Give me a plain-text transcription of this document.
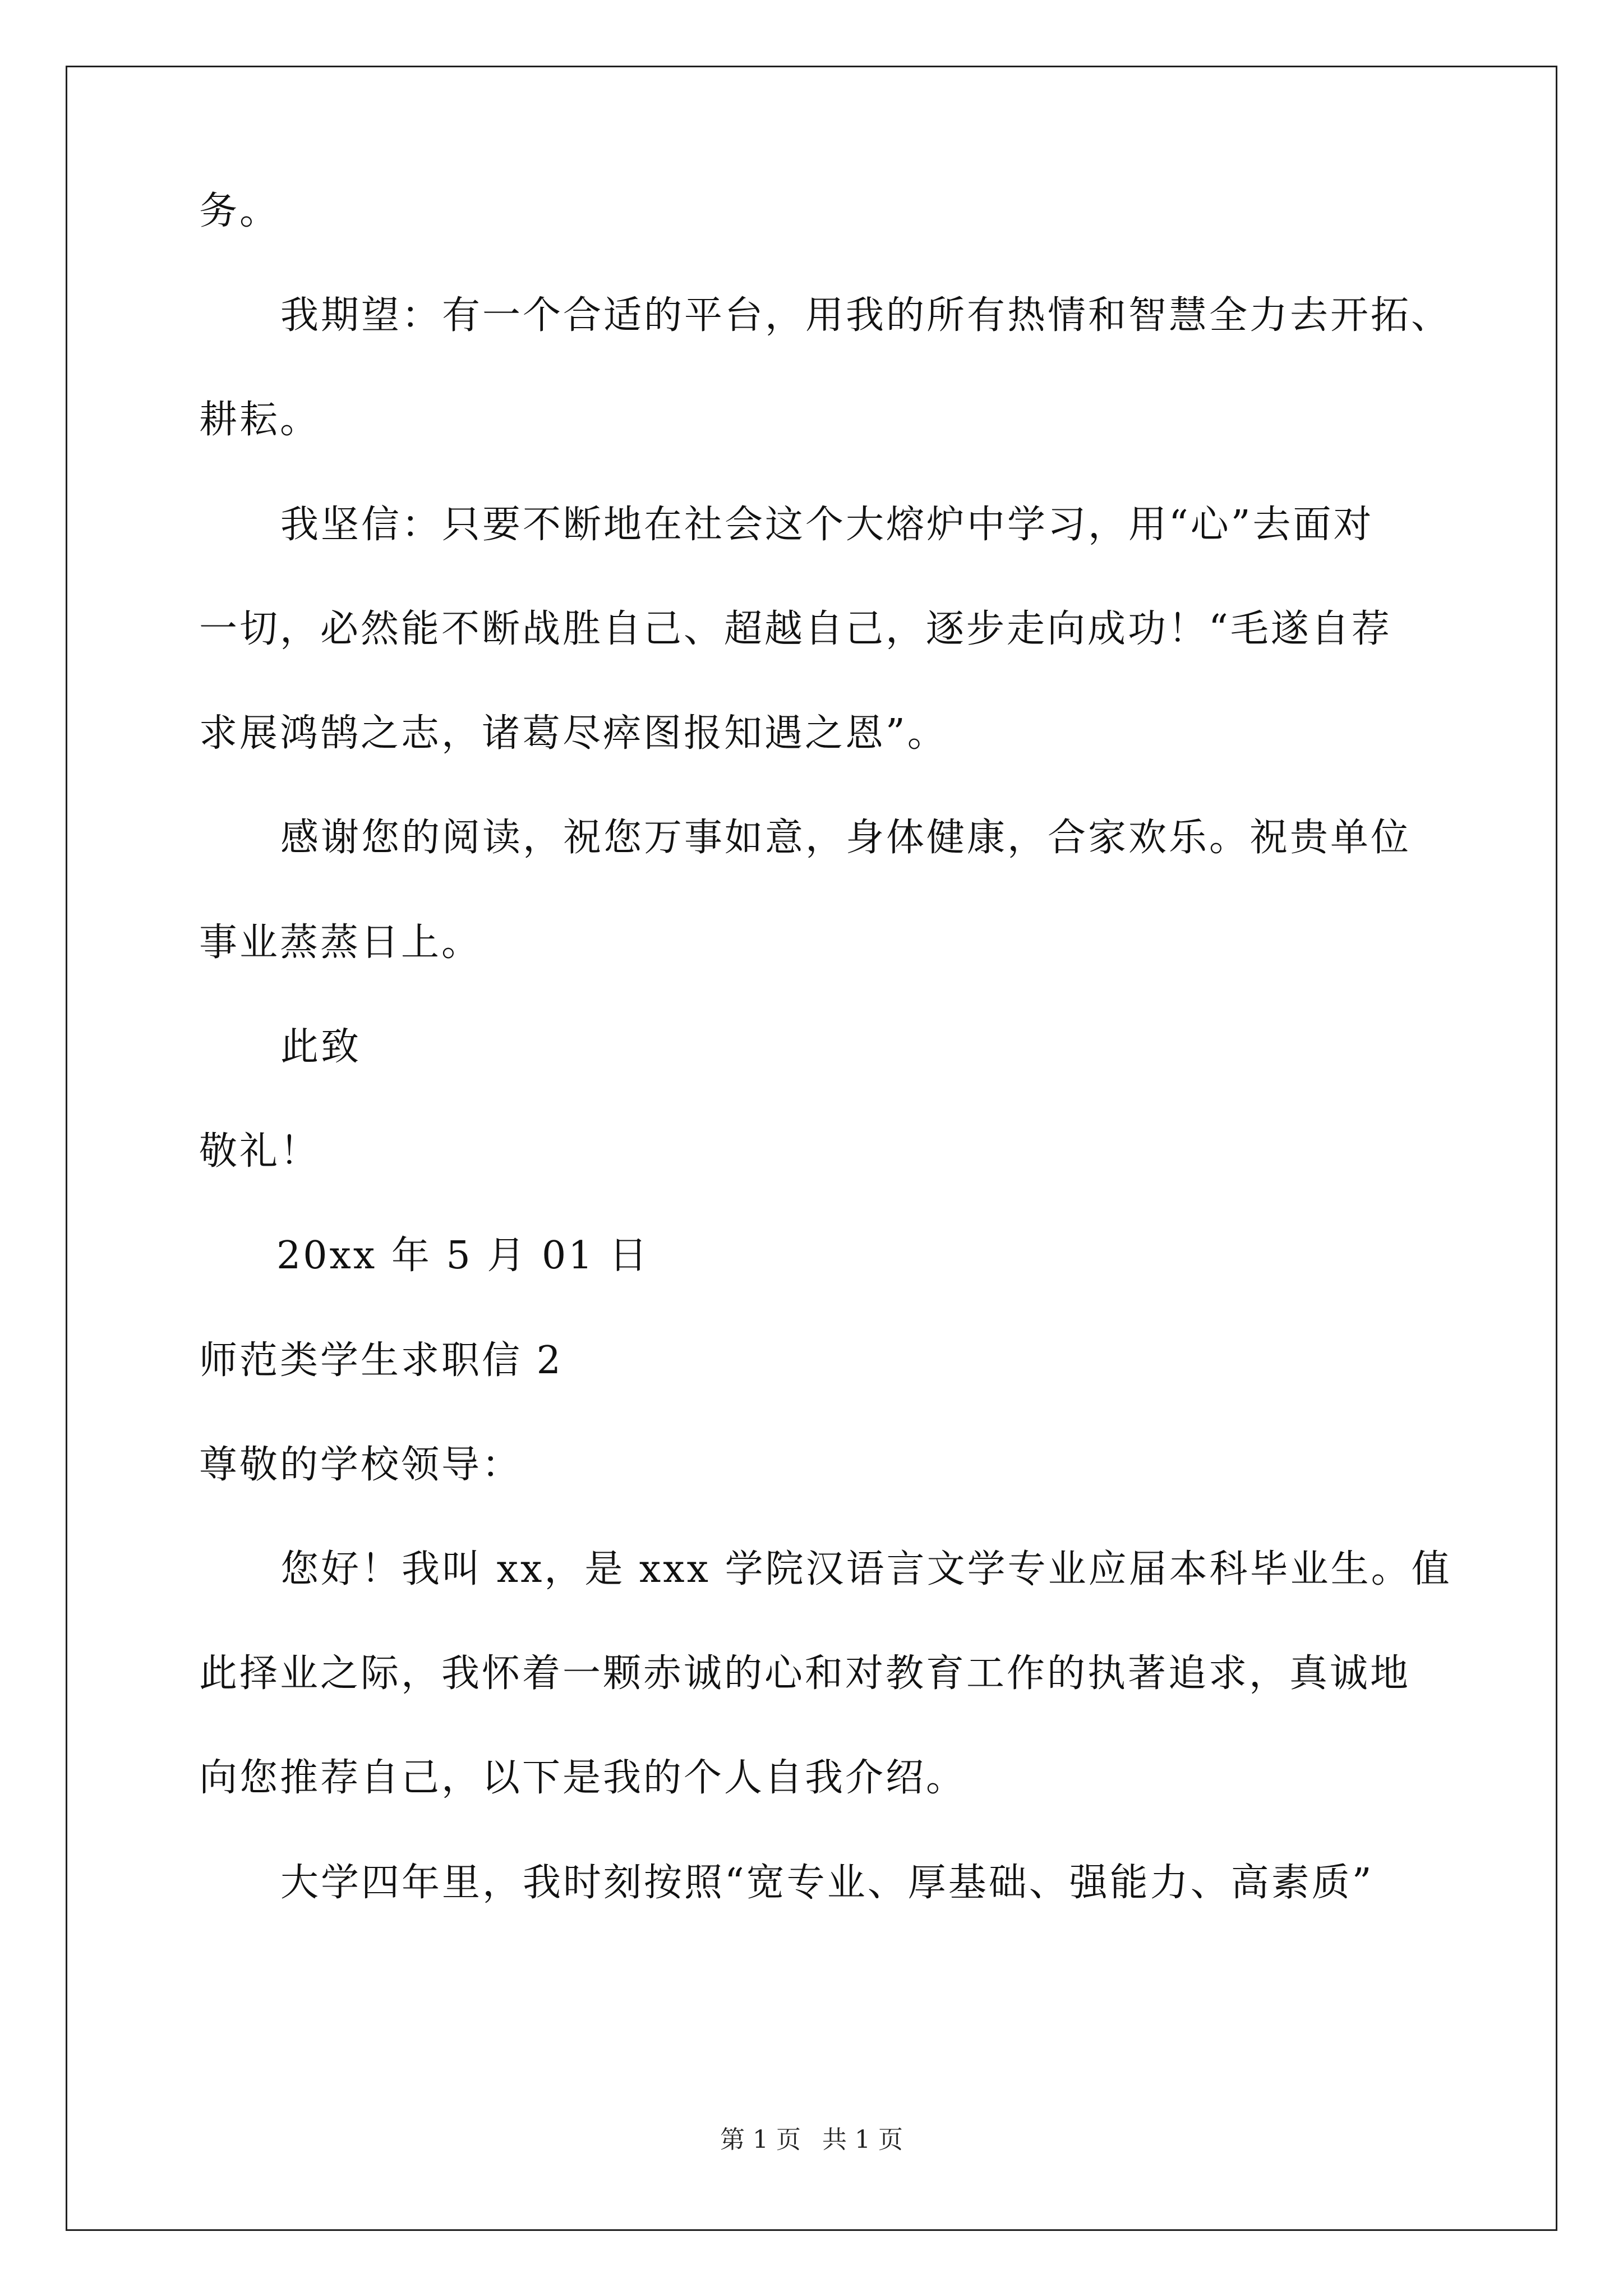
务。
我期望：有一个合适的平台，用我的所有热情和智慧全力去开拓、
耕耘。
我坚信：只要不断地在社会这个大熔炉中学习，用“心”去面对
一切，必然能不断战胜自己、超越自己，逐步走向成功！“毛遂自荐
求展鸿鹄之志，诸葛尽瘁图报知遇之恩”。
感谢您的阅读，祝您万事如意，身体健康，合家欢乐。祝贵单位
事业蒸蒸日上。
此致
敬礼！
20xx 年 5 月 01 日
师范类学生求职信 2
尊敬的学校领导：
您好！我叫 xx，是 xxx 学院汉语言文学专业应届本科毕业生。值
此择业之际，我怀着一颗赤诚的心和对教育工作的执著追求，真诚地
向您推荐自己，以下是我的个人自我介绍。
大学四年里，我时刻按照“宽专业、厚基础、强能力、高素质”
第 1 页 共 1 页
